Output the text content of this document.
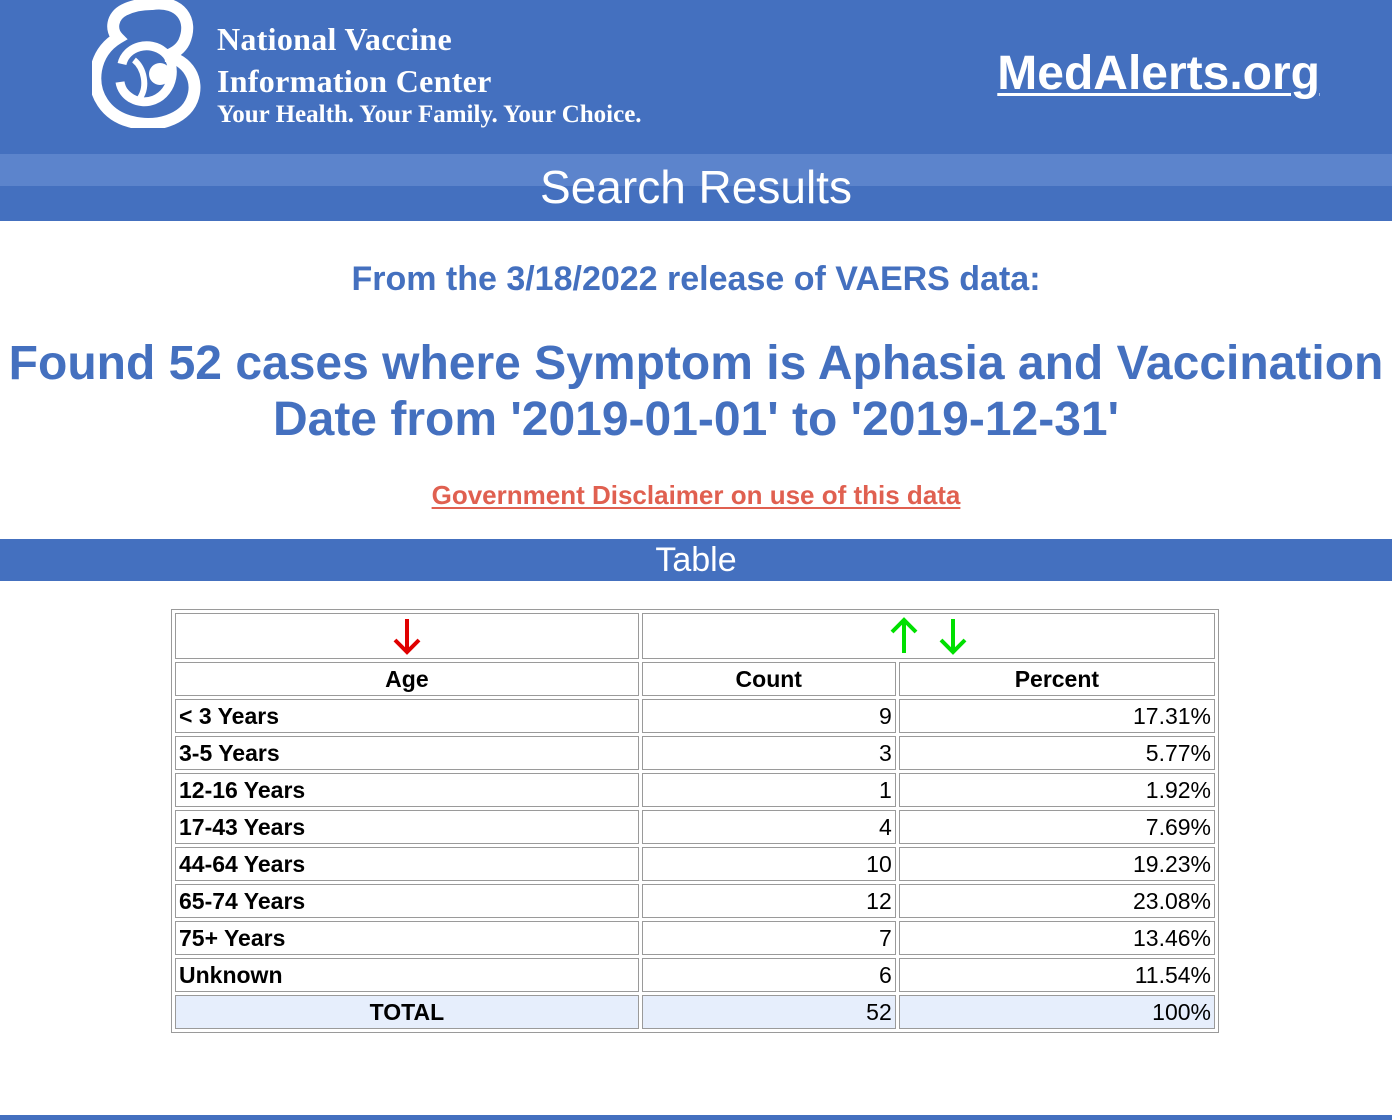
National Vaccine
Information Center
Your Health. Your Family. Your Choice.
MedAlerts.org
Search Results
From the 3/18/2022 release of VAERS data:
Found 52 cases where Symptom is Aphasia and Vaccination
Date from '2019-01-01' to '2019-12-31'
Government Disclaimer on use of this data
Table

Age	Count	Percent
< 3 Years	9	17.31%
3-5 Years	3	5.77%
12-16 Years	1	1.92%
17-43 Years	4	7.69%
44-64 Years	10	19.23%
65-74 Years	12	23.08%
75+ Years	7	13.46%
Unknown	6	11.54%
TOTAL	52	100%
